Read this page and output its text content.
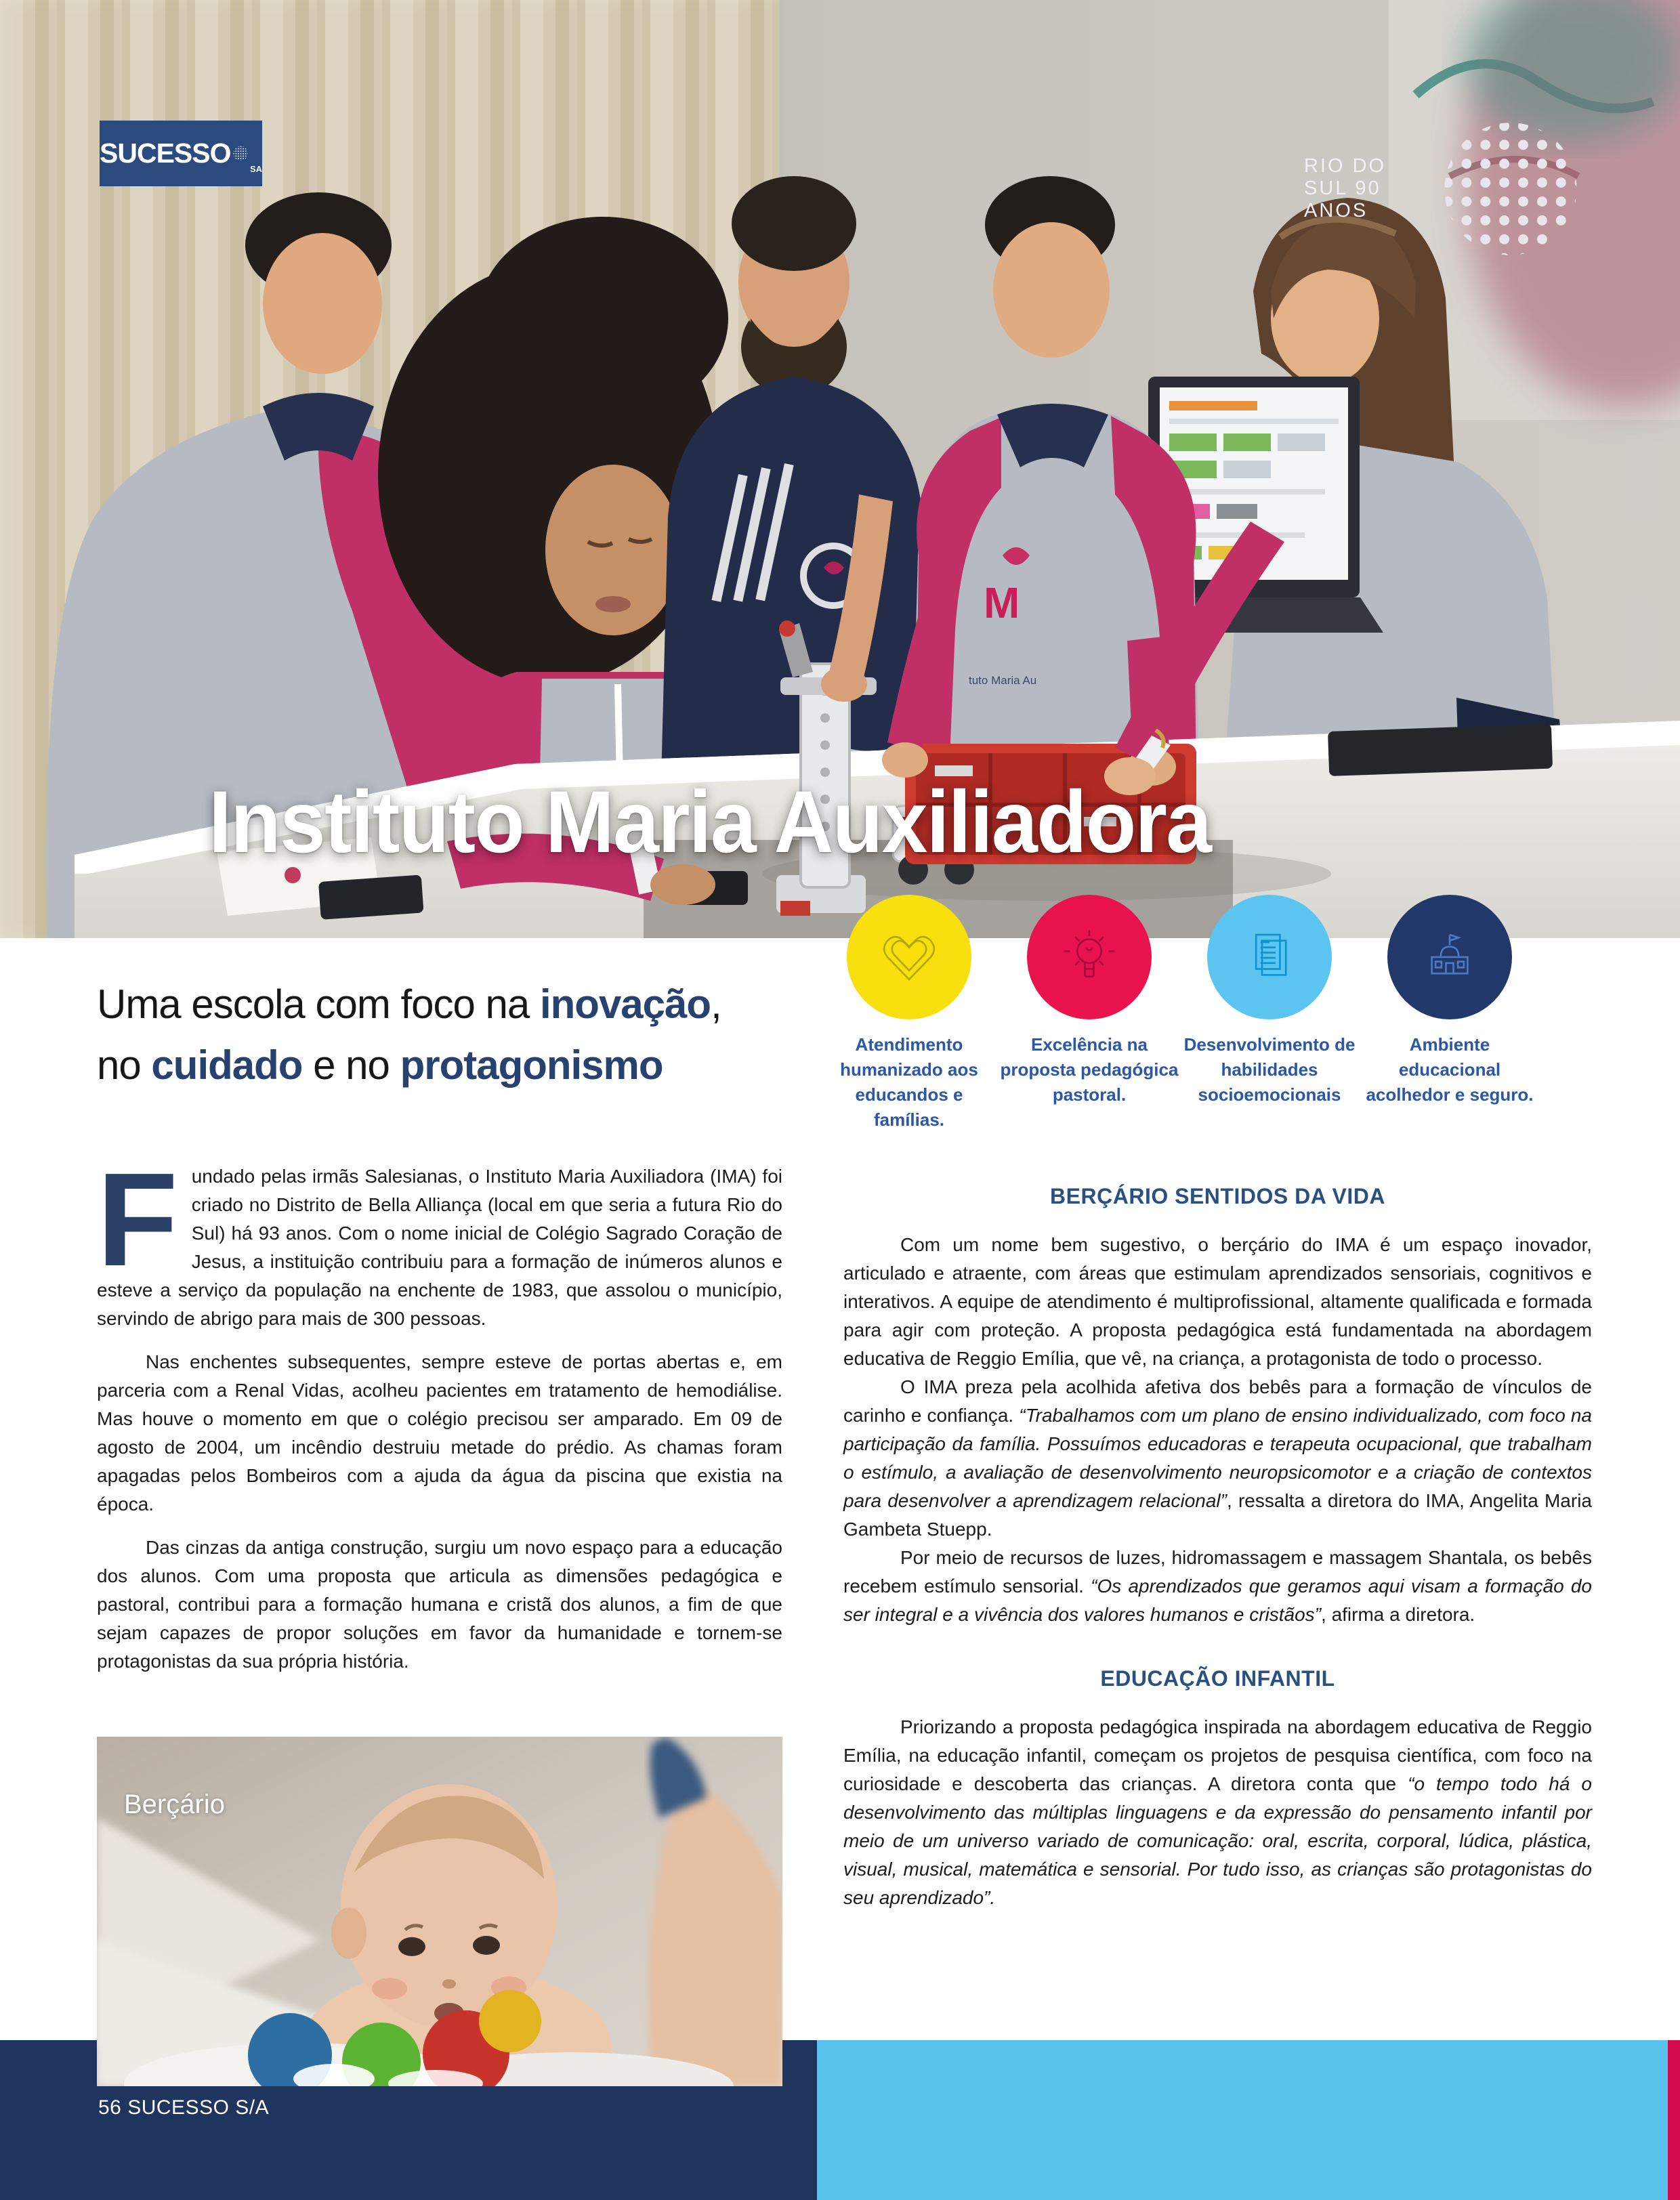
M
tuto Maria Au
SUCESSO
SA	RIO DO SUL 90 ANOS
Instituto Maria Auxiliadora
Atendimento humanizado aos educandos e famílias.
Excelência na proposta pedagógica pastoral.
Desenvolvimento de habilidades socioemocionais
Ambiente educacional acolhedor e seguro.
Uma escola com foco na inovação,
no cuidado e no protagonismo

Fundado pelas irmãs Salesianas, o Instituto Maria Auxiliadora (IMA) foi criado no Distrito de Bella Alliança (local em que seria a futura Rio do Sul) há 93 anos. Com o nome inicial de Colégio Sagrado Coração de Jesus, a instituição contribuiu para a formação de inúmeros alunos e esteve a serviço da população na enchente de 1983, que assolou o município, servindo de abrigo para mais de 300 pessoas.

Nas enchentes subsequentes, sempre esteve de portas abertas e, em parceria com a Renal Vidas, acolheu pacientes em tratamento de hemodiálise. Mas houve o momento em que o colégio precisou ser amparado. Em 09 de agosto de 2004, um incêndio destruiu metade do prédio. As chamas foram apagadas pelos Bombeiros com a ajuda da água da piscina que existia na época.

Das cinzas da antiga construção, surgiu um novo espaço para a educação dos alunos. Com uma proposta que articula as dimensões pedagógica e pastoral, contribui para a formação humana e cristã dos alunos, a fim de que sejam capazes de propor soluções em favor da humanidade e tornem-se protagonistas da sua própria história.

BERÇÁRIO SENTIDOS DA VIDA

Com um nome bem sugestivo, o berçário do IMA é um espaço inovador, articulado e atraente, com áreas que estimulam aprendizados sensoriais, cognitivos e interativos. A equipe de atendimento é multiprofissional, altamente qualificada e formada para agir com proteção. A proposta pedagógica está fundamentada na abordagem educativa de Reggio Emília, que vê, na criança, a protagonista de todo o processo.

O IMA preza pela acolhida afetiva dos bebês para a formação de vínculos de carinho e confiança. “Trabalhamos com um plano de ensino individualizado, com foco na participação da família. Possuímos educadoras e terapeuta ocupacional, que trabalham o estímulo, a avaliação de desenvolvimento neuropsicomotor e a criação de contextos para desenvolver a aprendizagem relacional”, ressalta a diretora do IMA, Angelita Maria Gambeta Stuepp.

Por meio de recursos de luzes, hidromassagem e massagem Shantala, os bebês recebem estímulo sensorial. “Os aprendizados que geramos aqui visam a formação do ser integral e a vivência dos valores humanos e cristãos”, afirma a diretora.

EDUCAÇÃO INFANTIL

Priorizando a proposta pedagógica inspirada na abordagem educativa de Reggio Emília, na educação infantil, começam os projetos de pesquisa científica, com foco na curiosidade e descoberta das crianças. A diretora conta que “o tempo todo há o desenvolvimento das múltiplas linguagens e da expressão do pensamento infantil por meio de um universo variado de comunicação: oral, escrita, corporal, lúdica, plástica, visual, musical, matemática e sensorial. Por tudo isso, as crianças são protagonistas do seu aprendizado”.

Berçário
56 SUCESSO S/A
